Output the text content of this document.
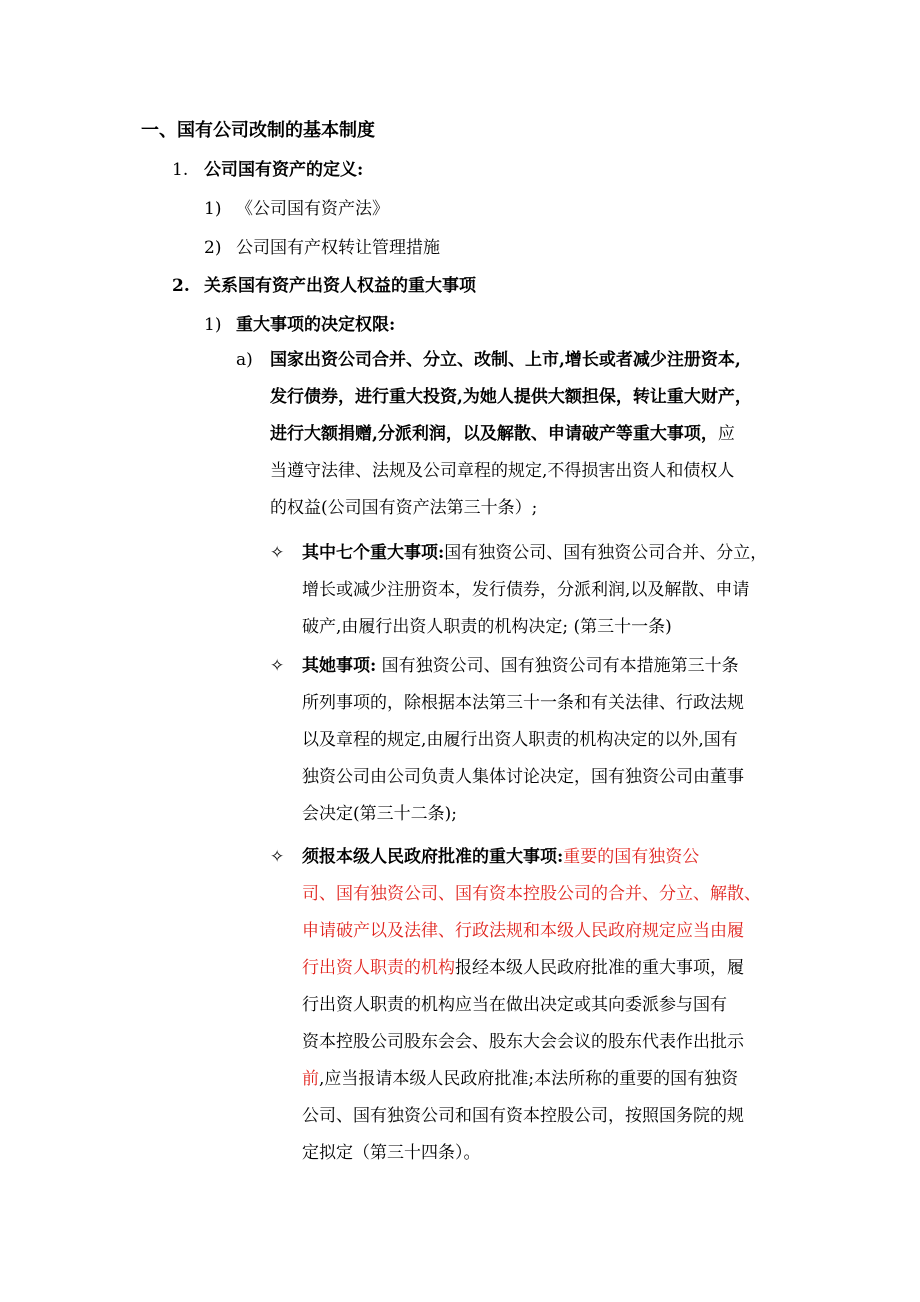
一、国有公司改制的基本制度
1. 公司国有资产的定义:
1) 《公司国有资产法》
2) 公司国有产权转让管理措施
2. 关系国有资产出资人权益的重大事项
1) 重大事项的决定权限:
a) 国家出资公司合并、分立、改制、上市,增长或者减少注册资本,
发行债券，进行重大投资,为她人提供大额担保，转让重大财产，
进行大额捐赠,分派利润，以及解散、申请破产等重大事项，应
当遵守法律、法规及公司章程的规定,不得损害出资人和债权人
的权益(公司国有资产法第三十条）;
✧ 其中七个重大事项:国有独资公司、国有独资公司合并、分立，
增长或减少注册资本，发行债券，分派利润,以及解散、申请
破产,由履行出资人职责的机构决定; (第三十一条)
✧ 其她事项: 国有独资公司、国有独资公司有本措施第三十条
所列事项的，除根据本法第三十一条和有关法律、行政法规
以及章程的规定,由履行出资人职责的机构决定的以外,国有
独资公司由公司负责人集体讨论决定，国有独资公司由董事
会决定(第三十二条);
✧ 须报本级人民政府批准的重大事项:重要的国有独资公
司、国有独资公司、国有资本控股公司的合并、分立、解散、
申请破产以及法律、行政法规和本级人民政府规定应当由履
行出资人职责的机构报经本级人民政府批准的重大事项，履
行出资人职责的机构应当在做出决定或其向委派参与国有
资本控股公司股东会会、股东大会会议的股东代表作出批示
前,应当报请本级人民政府批准;本法所称的重要的国有独资
公司、国有独资公司和国有资本控股公司，按照国务院的规
定拟定（第三十四条）。
